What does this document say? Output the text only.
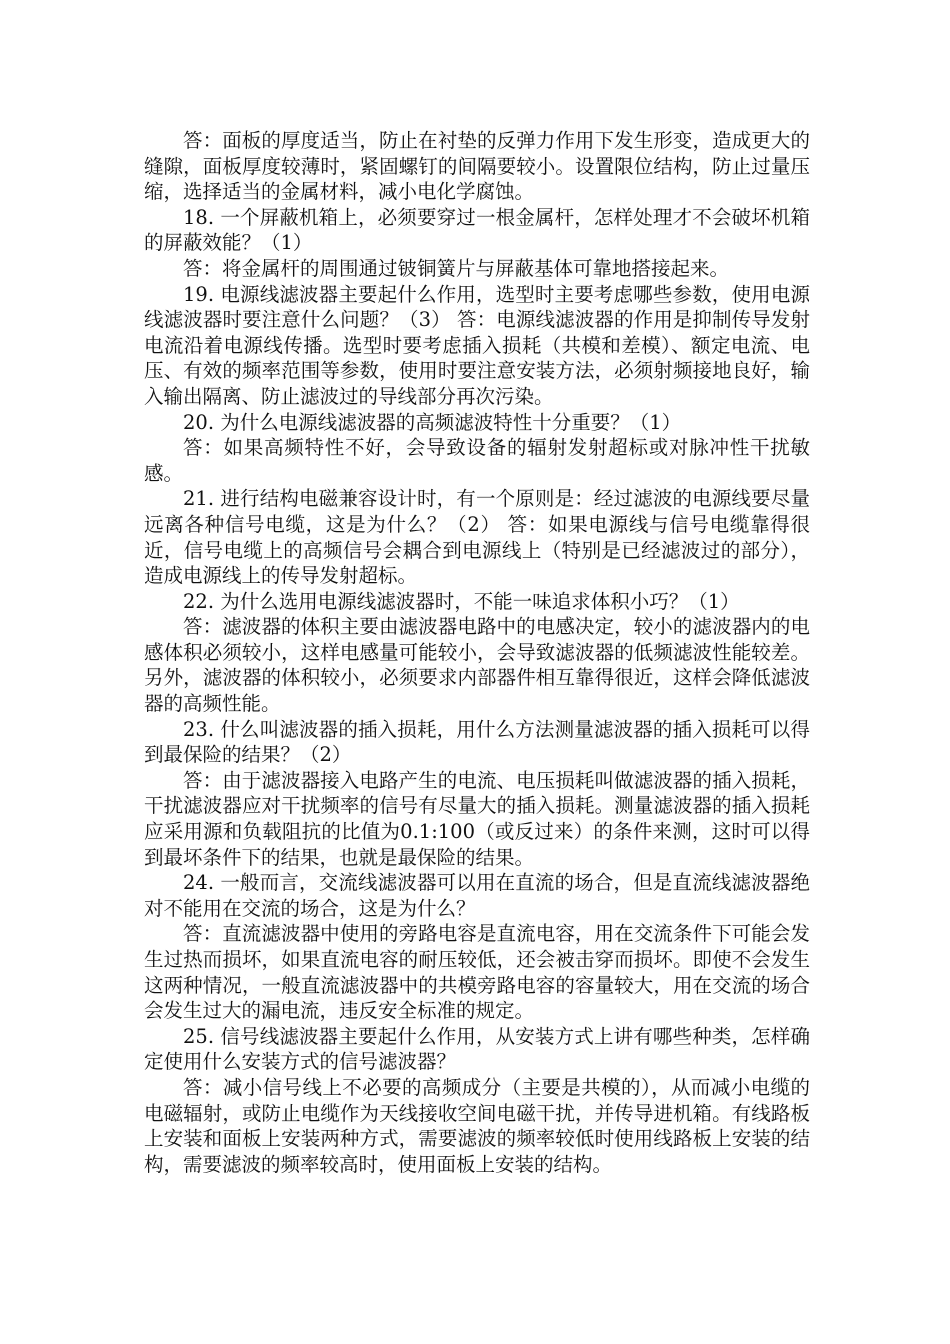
答：面板的厚度适当，防止在衬垫的反弹力作用下发生形变，造成更大的缝隙，面板厚度较薄时，紧固螺钉的间隔要较小。设置限位结构，防止过量压缩，选择适当的金属材料，减小电化学腐蚀。

18. 一个屏蔽机箱上，必须要穿过一根金属杆，怎样处理才不会破坏机箱的屏蔽效能？（1）

答：将金属杆的周围通过铍铜簧片与屏蔽基体可靠地搭接起来。

19. 电源线滤波器主要起什么作用，选型时主要考虑哪些参数，使用电源线滤波器时要注意什么问题？（3） 答：电源线滤波器的作用是抑制传导发射电流沿着电源线传播。选型时要考虑插入损耗（共模和差模）、额定电流、电压、有效的频率范围等参数，使用时要注意安装方法，必须射频接地良好，输入输出隔离、防止滤波过的导线部分再次污染。

20. 为什么电源线滤波器的高频滤波特性十分重要？（1）

答：如果高频特性不好，会导致设备的辐射发射超标或对脉冲性干扰敏感。

21. 进行结构电磁兼容设计时，有一个原则是：经过滤波的电源线要尽量远离各种信号电缆，这是为什么？（2） 答：如果电源线与信号电缆靠得很近，信号电缆上的高频信号会耦合到电源线上（特别是已经滤波过的部分），造成电源线上的传导发射超标。

22. 为什么选用电源线滤波器时，不能一味追求体积小巧？（1）

答：滤波器的体积主要由滤波器电路中的电感决定，较小的滤波器内的电感体积必须较小，这样电感量可能较小，会导致滤波器的低频滤波性能较差。另外，滤波器的体积较小，必须要求内部器件相互靠得很近，这样会降低滤波器的高频性能。

23. 什么叫滤波器的插入损耗，用什么方法测量滤波器的插入损耗可以得到最保险的结果？（2）

答：由于滤波器接入电路产生的电流、电压损耗叫做滤波器的插入损耗，干扰滤波器应对干扰频率的信号有尽量大的插入损耗。测量滤波器的插入损耗应采用源和负载阻抗的比值为0.1:100（或反过来）的条件来测，这时可以得到最坏条件下的结果，也就是最保险的结果。

24. 一般而言，交流线滤波器可以用在直流的场合，但是直流线滤波器绝对不能用在交流的场合，这是为什么？

答：直流滤波器中使用的旁路电容是直流电容，用在交流条件下可能会发生过热而损坏，如果直流电容的耐压较低，还会被击穿而损坏。即使不会发生这两种情况，一般直流滤波器中的共模旁路电容的容量较大，用在交流的场合会发生过大的漏电流，违反安全标准的规定。

25. 信号线滤波器主要起什么作用，从安装方式上讲有哪些种类，怎样确定使用什么安装方式的信号滤波器？

答：减小信号线上不必要的高频成分（主要是共模的），从而减小电缆的电磁辐射，或防止电缆作为天线接收空间电磁干扰，并传导进机箱。有线路板上安装和面板上安装两种方式，需要滤波的频率较低时使用线路板上安装的结构，需要滤波的频率较高时，使用面板上安装的结构。
